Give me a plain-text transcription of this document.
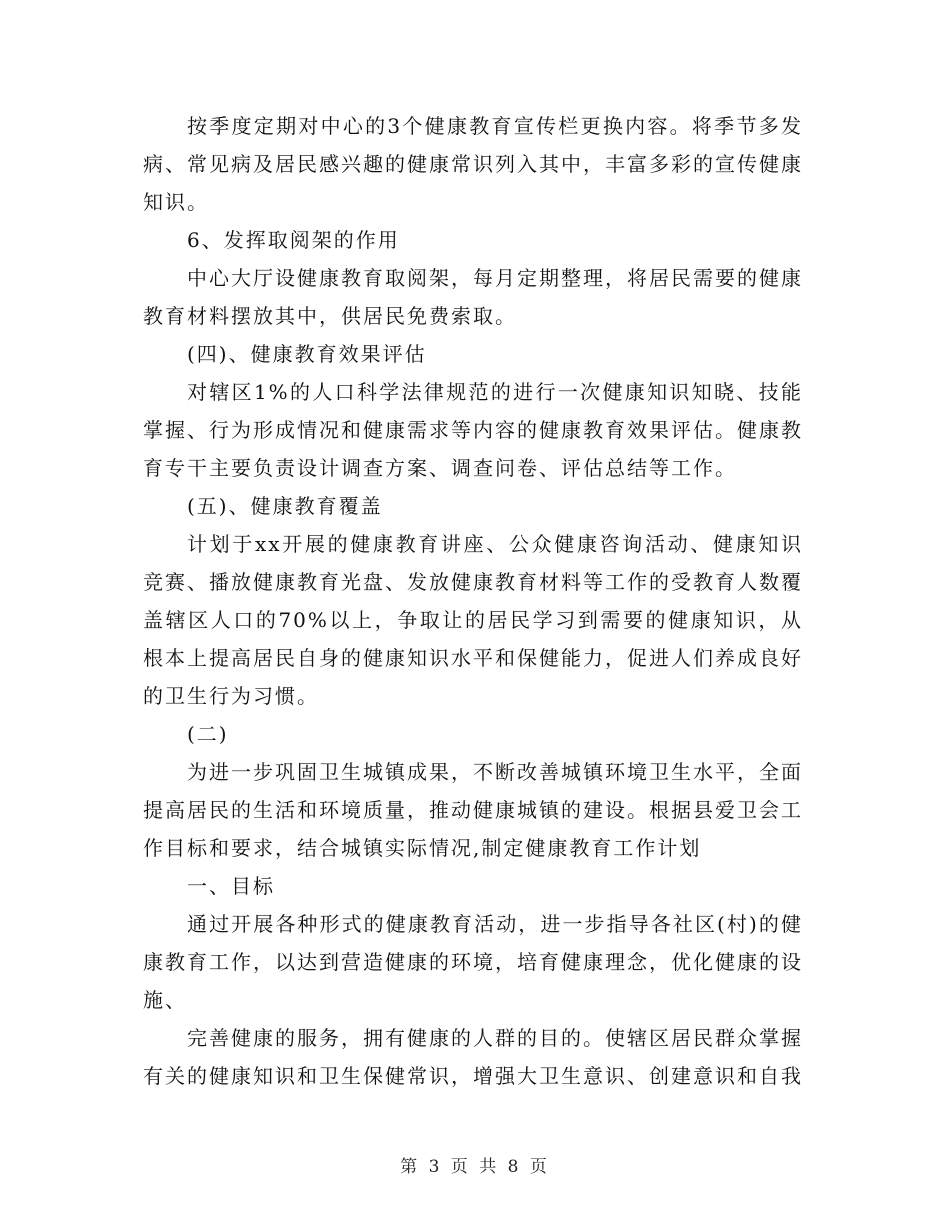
按季度定期对中心的3个健康教育宣传栏更换内容。将季节多发病、常见病及居民感兴趣的健康常识列入其中，丰富多彩的宣传健康知识。

6、发挥取阅架的作用

中心大厅设健康教育取阅架，每月定期整理，将居民需要的健康教育材料摆放其中，供居民免费索取。

(四)、健康教育效果评估

对辖区1%的人口科学法律规范的进行一次健康知识知晓、技能掌握、行为形成情况和健康需求等内容的健康教育效果评估。健康教育专干主要负责设计调查方案、调查问卷、评估总结等工作。

(五)、健康教育覆盖

计划于xx开展的健康教育讲座、公众健康咨询活动、健康知识竞赛、播放健康教育光盘、发放健康教育材料等工作的受教育人数覆盖辖区人口的70%以上，争取让的居民学习到需要的健康知识，从根本上提高居民自身的健康知识水平和保健能力，促进人们养成良好的卫生行为习惯。

(二)

为进一步巩固卫生城镇成果，不断改善城镇环境卫生水平，全面提高居民的生活和环境质量，推动健康城镇的建设。根据县爱卫会工作目标和要求，结合城镇实际情况,制定健康教育工作计划

一、目标

通过开展各种形式的健康教育活动，进一步指导各社区(村)的健康教育工作，以达到营造健康的环境，培育健康理念，优化健康的设施、

完善健康的服务，拥有健康的人群的目的。使辖区居民群众掌握有关的健康知识和卫生保健常识，增强大卫生意识、创建意识和自我

第 3 页 共 8 页
